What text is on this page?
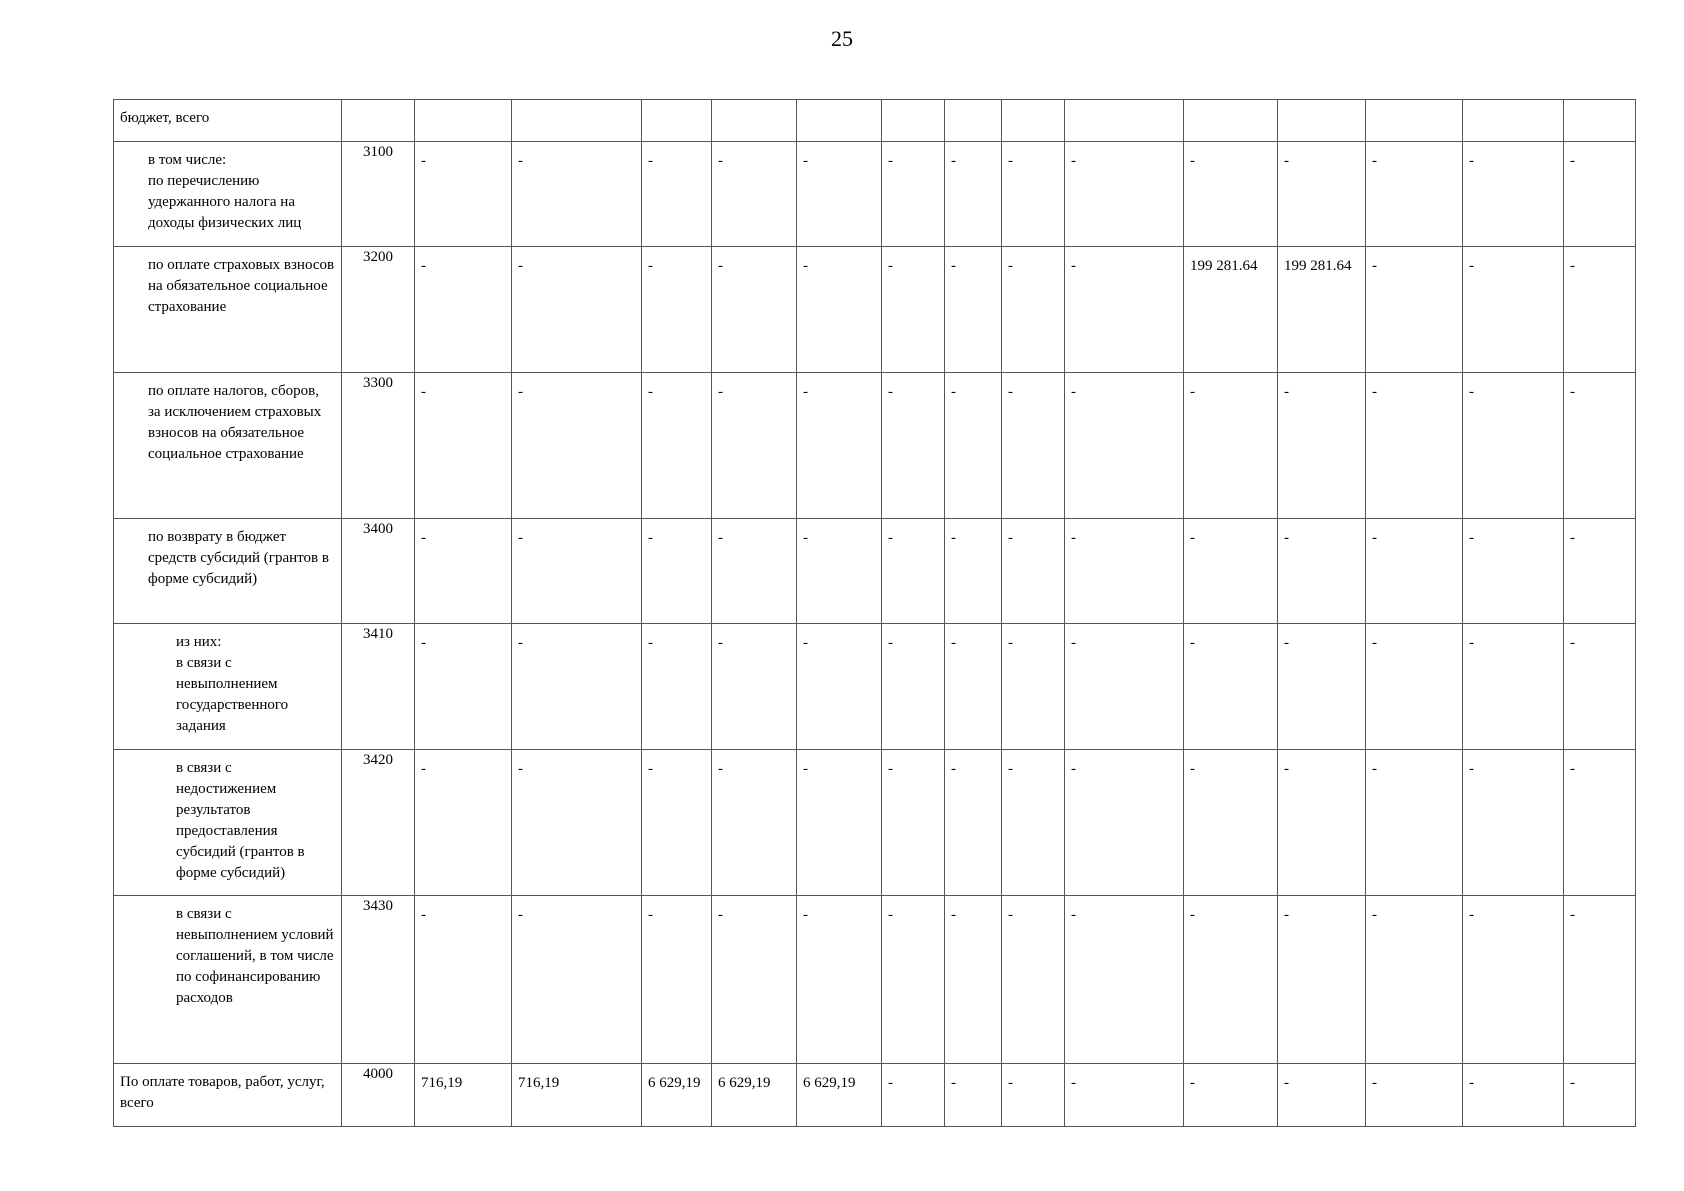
25
бюджет, всего															

в том числе:
по перечислению удержанного налога на доходы физических лиц	3100	-	-	-	-	-	-	-	-	-	-	-	-	-	-

по оплате страховых взносов на обязательное социальное страхование	3200	-	-	-	-	-	-	-	-	-	199 281.64	199 281.64	-	-	-

по оплате налогов, сборов, за исключением страховых взносов на обязательное социальное страхование	3300	-	-	-	-	-	-	-	-	-	-	-	-	-	-

по возврату в бюджет средств субсидий (грантов в форме субсидий)	3400	-	-	-	-	-	-	-	-	-	-	-	-	-	-

из них:
в связи с невыполнением государственного задания	3410	-	-	-	-	-	-	-	-	-	-	-	-	-	-

в связи с недостижением результатов предоставления субсидий (грантов в форме субсидий)	3420	-	-	-	-	-	-	-	-	-	-	-	-	-	-

в связи с невыполнением условий соглашений, в том числе по софинансированию расходов	3430	-	-	-	-	-	-	-	-	-	-	-	-	-	-

По оплате товаров, работ, услуг, всего	4000	716,19	716,19	6 629,19	6 629,19	6 629,19	-	-	-	-	-	-	-	-	-
